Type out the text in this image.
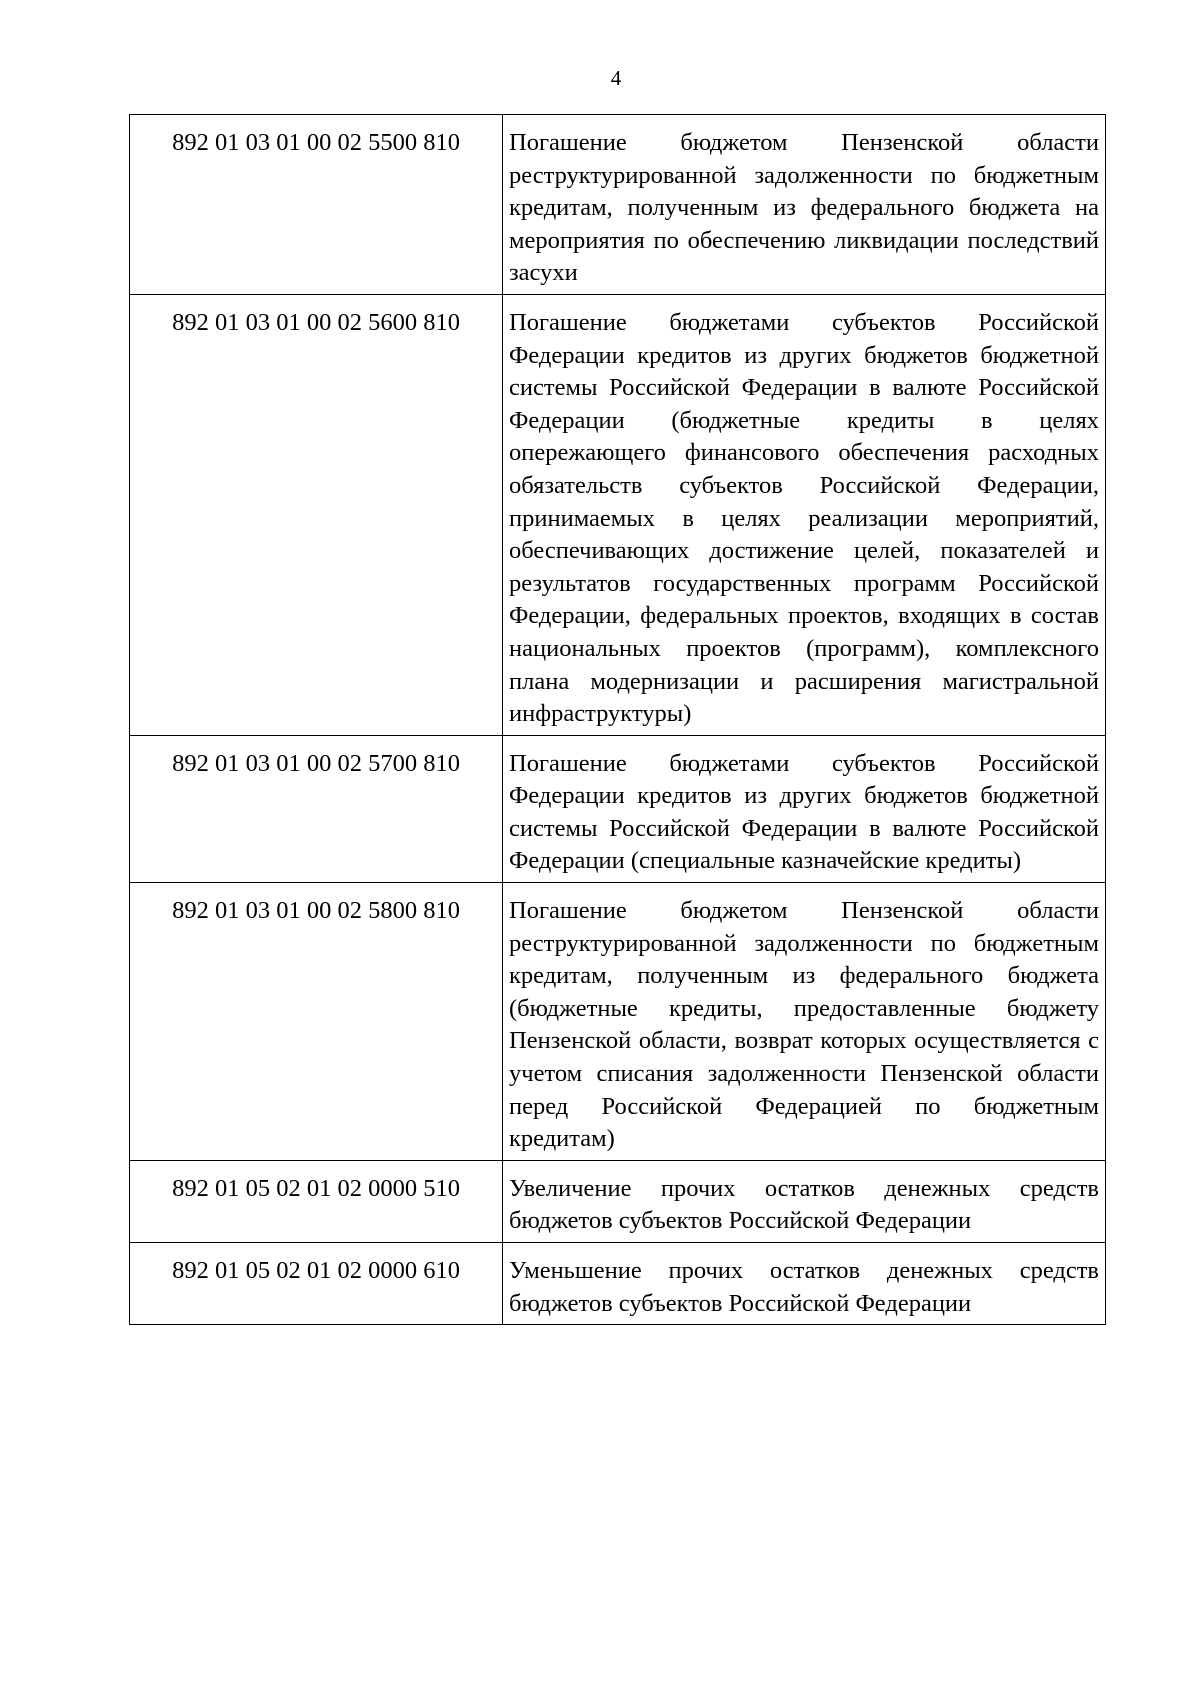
4
892 01 03 01 00 02 5500 810	Погашение бюджетом Пензенской области реструктурированной задолженности по бюджетным кредитам, полученным из федерального бюджета на мероприятия по обеспечению ликвидации последствий засухи
892 01 03 01 00 02 5600 810	Погашение бюджетами субъектов Российской Федерации кредитов из других бюджетов бюджетной системы Российской Федерации в валюте Российской Федерации (бюджетные кредиты в целях опережающего финансового обеспечения расходных обязательств субъектов Российской Федерации, принимаемых в целях реализации мероприятий, обеспечивающих достижение целей, показателей и результатов государственных программ Российской Федерации, федеральных проектов, входящих в состав национальных проектов (программ), комплексного плана модернизации и расширения магистральной инфраструктуры)
892 01 03 01 00 02 5700 810	Погашение бюджетами субъектов Российской Федерации кредитов из других бюджетов бюджетной системы Российской Федерации в валюте Российской Федерации (специальные казначейские кредиты)
892 01 03 01 00 02 5800 810	Погашение бюджетом Пензенской области реструктурированной задолженности по бюджетным кредитам, полученным из федерального бюджета (бюджетные кредиты, предоставленные бюджету Пензенской области, возврат которых осуществляется с учетом списания задолженности Пензенской области перед Российской Федерацией по бюджетным кредитам)
892 01 05 02 01 02 0000 510	Увеличение прочих остатков денежных средств бюджетов субъектов Российской Федерации
892 01 05 02 01 02 0000 610	Уменьшение прочих остатков денежных средств бюджетов субъектов Российской Федерации
